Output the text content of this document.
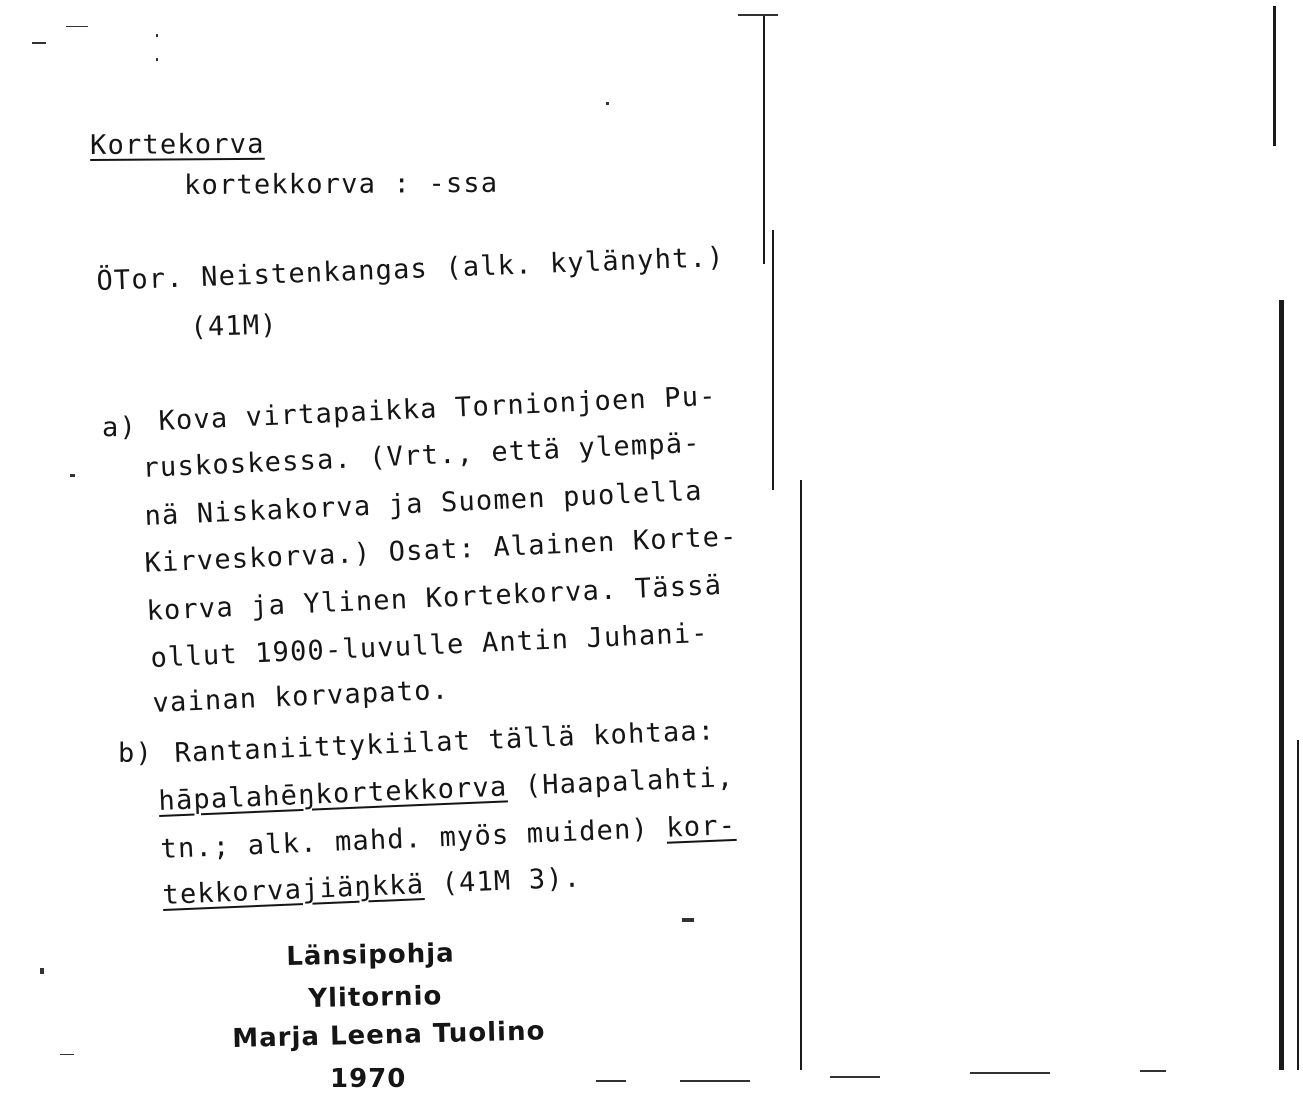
Kortekorva
kortekkorva : -ssa
ÖTor. Neistenkangas (alk. kylänyht.)
(41M)
a) Kova virtapaikka Tornionjoen Pu-
ruskoskessa. (Vrt., että ylempä-
nä Niskakorva ja Suomen puolella
Kirveskorva.) Osat: Alainen Korte-
korva ja Ylinen Kortekorva. Tässä
ollut 1900-luvulle Antin Juhani-
vainan korvapato.
b) Rantaniittykiilat tällä kohtaa:
hāpalahēŋkortekkorva (Haapalahti,
tn.; alk. mahd. myös muiden) kor-
tekkorvajiäŋkkä (41M 3).
Länsipohja
Ylitornio
Marja Leena Tuolino
1970
